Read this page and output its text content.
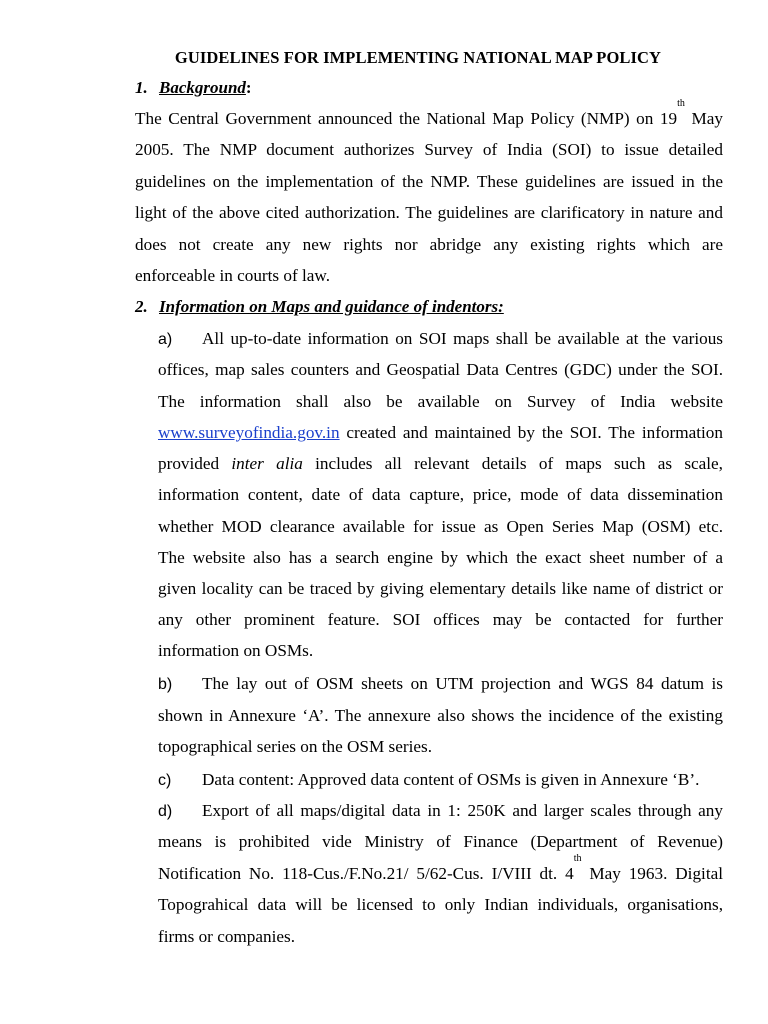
GUIDELINES FOR IMPLEMENTING NATIONAL MAP POLICY
1. Background:
The Central Government announced the National Map Policy (NMP) on 19th May
2005. The NMP document authorizes Survey of India (SOI) to issue detailed
guidelines on the implementation of the NMP. These guidelines are issued in the
light of the above cited authorization. The guidelines are clarificatory in nature and
does not create any new rights nor abridge any existing rights which are
enforceable in courts of law.
2. Information on Maps and guidance of indentors:
a) All up-to-date information on SOI maps shall be available at the various
offices, map sales counters and Geospatial Data Centres (GDC) under the SOI.
The information shall also be available on Survey of India website
www.surveyofindia.gov.in created and maintained by the SOI. The information
provided inter alia includes all relevant details of maps such as scale,
information content, date of data capture, price, mode of data dissemination
whether MOD clearance available for issue as Open Series Map (OSM) etc.
The website also has a search engine by which the exact sheet number of a
given locality can be traced by giving elementary details like name of district or
any other prominent feature. SOI offices may be contacted for further
information on OSMs.
b) The lay out of OSM sheets on UTM projection and WGS 84 datum is
shown in Annexure ‘A’. The annexure also shows the incidence of the existing
topographical series on the OSM series.
c) Data content: Approved data content of OSMs is given in Annexure ‘B’.
d) Export of all maps/digital data in 1: 250K and larger scales through any
means is prohibited vide Ministry of Finance (Department of Revenue)
Notification No. 118-Cus./F.No.21/ 5/62-Cus. I/VIII dt. 4th May 1963. Digital
Topograhical data will be licensed to only Indian individuals, organisations,
firms or companies.
